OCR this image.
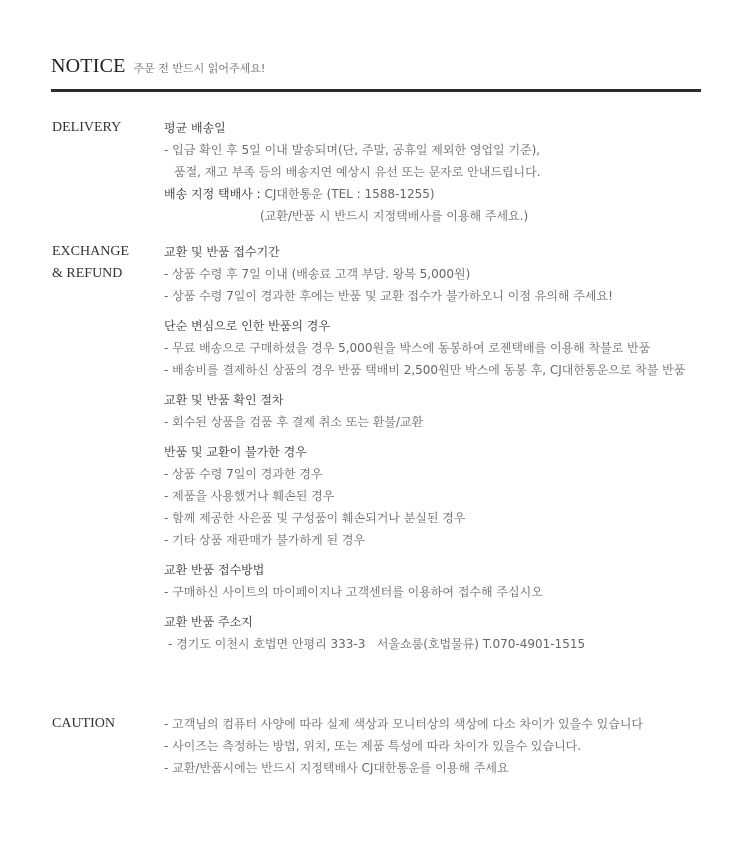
NOTICE 주문 전 반드시 읽어주세요!
DELIVERY	평균 배송일
- 입금 확인 후 5일 이내 발송되며(단, 주말, 공휴일 제외한 영업일 기준),
품절, 재고 부족 등의 배송지연 예상시 유선 또는 문자로 안내드립니다.
배송 지정 택배사 : CJ대한통운 (TEL : 1588-1255)
(교환/반품 시 반드시 지정택배사를 이용해 주세요.)
EXCHANGE
& REFUND
교환 및 반품 접수기간
- 상품 수령 후 7일 이내 (배송료 고객 부담. 왕복 5,000원)
- 상품 수령 7일이 경과한 후에는 반품 및 교환 접수가 불가하오니 이점 유의해 주세요!
단순 변심으로 인한 반품의 경우
- 무료 배송으로 구매하셨을 경우 5,000원을 박스에 동봉하여 로젠택배를 이용해 착불로 반품
- 배송비를 결제하신 상품의 경우 반품 택배비 2,500원만 박스에 동봉 후, CJ대한통운으로 착불 반품
교환 및 반품 확인 절차
- 회수된 상품을 검품 후 결제 취소 또는 환불/교환
반품 및 교환이 불가한 경우
- 상품 수령 7일이 경과한 경우
- 제품을 사용했거나 훼손된 경우
- 함께 제공한 사은품 및 구성품이 훼손되거나 분실된 경우
- 기타 상품 재판매가 불가하게 된 경우
교환 반품 접수방법
- 구매하신 사이트의 마이페이지나 고객센터를 이용하여 접수해 주십시오
교환 반품 주소지
- 경기도 이천시 호법면 안평리 333-3   서울쇼룸(호법물류) T.070-4901-1515
CAUTION	- 고객님의 컴퓨터 사양에 따라 실제 색상과 모니터상의 색상에 다소 차이가 있을수 있습니다
- 사이즈는 측정하는 방법, 위치, 또는 제품 특성에 따라 차이가 있을수 있습니다.
- 교환/반품시에는 반드시 지정택배사 CJ대한통운를 이용해 주세요
